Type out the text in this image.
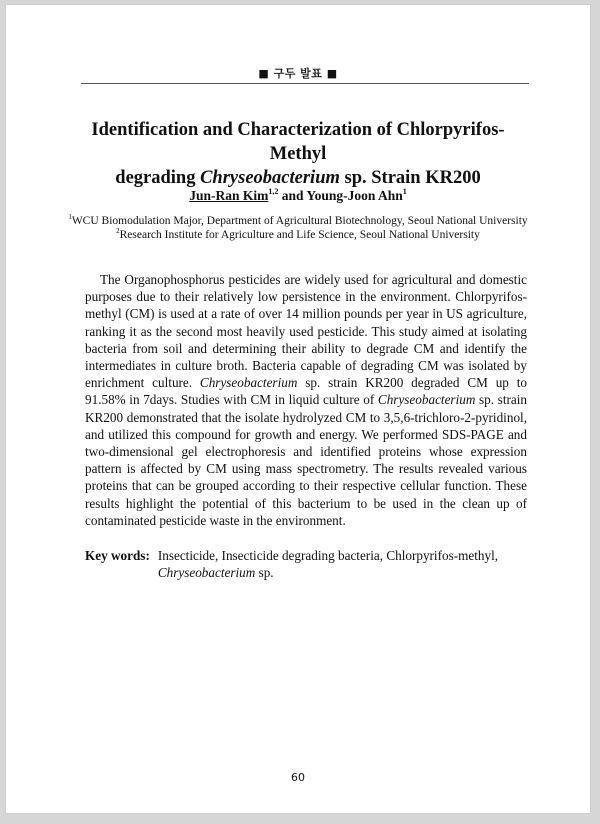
■ 구두 발표 ■
Identification and Characterization of Chlorpyrifos-Methyl
degrading Chryseobacterium sp. Strain KR200
Jun-Ran Kim$^{1,2}$ and Young-Joon Ahn$^1$
$^1$WCU Biomodulation Major, Department of Agricultural Biotechnology, Seoul National University
$^2$Research Institute for Agriculture and Life Science, Seoul National University

The Organophosphorus pesticides are widely used for agricultural and domestic purposes due to their relatively low persistence in the environment. Chlorpyrifos-methyl (CM) is used at a rate of over 14 million pounds per year in US agriculture, ranking it as the second most heavily used pesticide. This study aimed at isolating bacteria from soil and determining their ability to degrade CM and identify the intermediates in culture broth. Bacteria capable of degrading CM was isolated by enrichment culture. Chryseobacterium sp. strain KR200 degraded CM up to 91.58% in 7days. Studies with CM in liquid culture of Chryseobacterium sp. strain KR200 demonstrated that the isolate hydrolyzed CM to 3,5,6-trichloro-2-pyridinol, and utilized this compound for growth and energy. We performed SDS-PAGE and two-dimensional gel electrophoresis and identified proteins whose expression pattern is affected by CM using mass spectrometry. The results revealed various proteins that can be grouped according to their respective cellular function. These results highlight the potential of this bacterium to be used in the clean up of contaminated pesticide waste in the environment.

Key words: Insecticide, Insecticide degrading bacteria, Chlorpyrifos-methyl, Chryseobacterium sp.
60
